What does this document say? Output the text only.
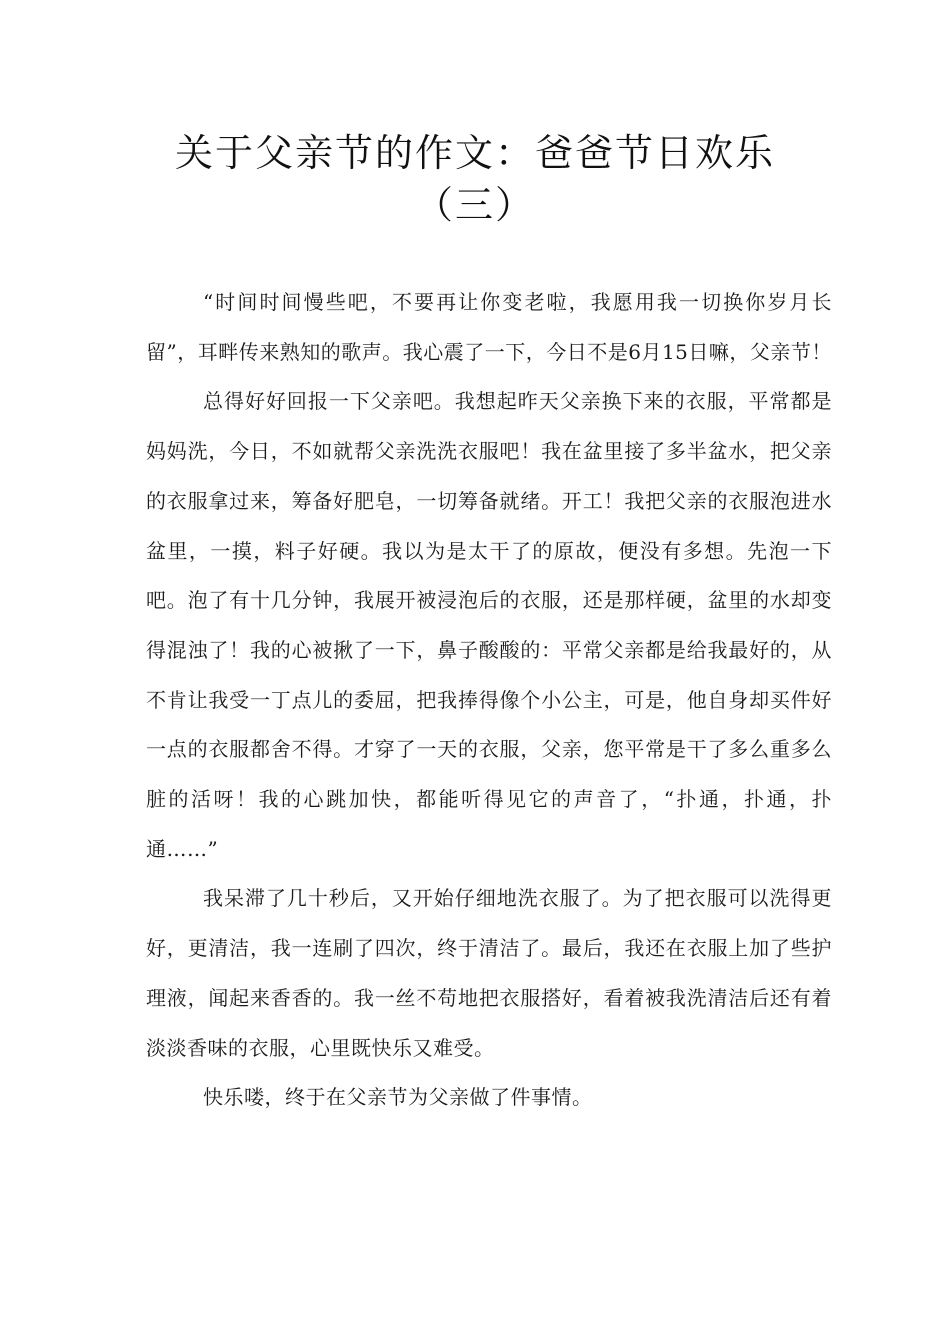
关于父亲节的作文：爸爸节日欢乐
（三）

“时间时间慢些吧，不要再让你变老啦，我愿用我一切换你岁月长留”，耳畔传来熟知的歌声。我心震了一下，今日不是6月15日嘛，父亲节！

总得好好回报一下父亲吧。我想起昨天父亲换下来的衣服，平常都是妈妈洗，今日，不如就帮父亲洗洗衣服吧！我在盆里接了多半盆水，把父亲的衣服拿过来，筹备好肥皂，一切筹备就绪。开工！我把父亲的衣服泡进水盆里，一摸，料子好硬。我以为是太干了的原故，便没有多想。先泡一下吧。泡了有十几分钟，我展开被浸泡后的衣服，还是那样硬，盆里的水却变得混浊了！我的心被揪了一下，鼻子酸酸的：平常父亲都是给我最好的，从不肯让我受一丁点儿的委屈，把我捧得像个小公主，可是，他自身却买件好一点的衣服都舍不得。才穿了一天的衣服，父亲，您平常是干了多么重多么脏的活呀！我的心跳加快，都能听得见它的声音了，“扑通，扑通，扑通……”

我呆滞了几十秒后，又开始仔细地洗衣服了。为了把衣服可以洗得更好，更清洁，我一连刷了四次，终于清洁了。最后，我还在衣服上加了些护理液，闻起来香香的。我一丝不苟地把衣服搭好，看着被我洗清洁后还有着淡淡香味的衣服，心里既快乐又难受。

快乐喽，终于在父亲节为父亲做了件事情。
